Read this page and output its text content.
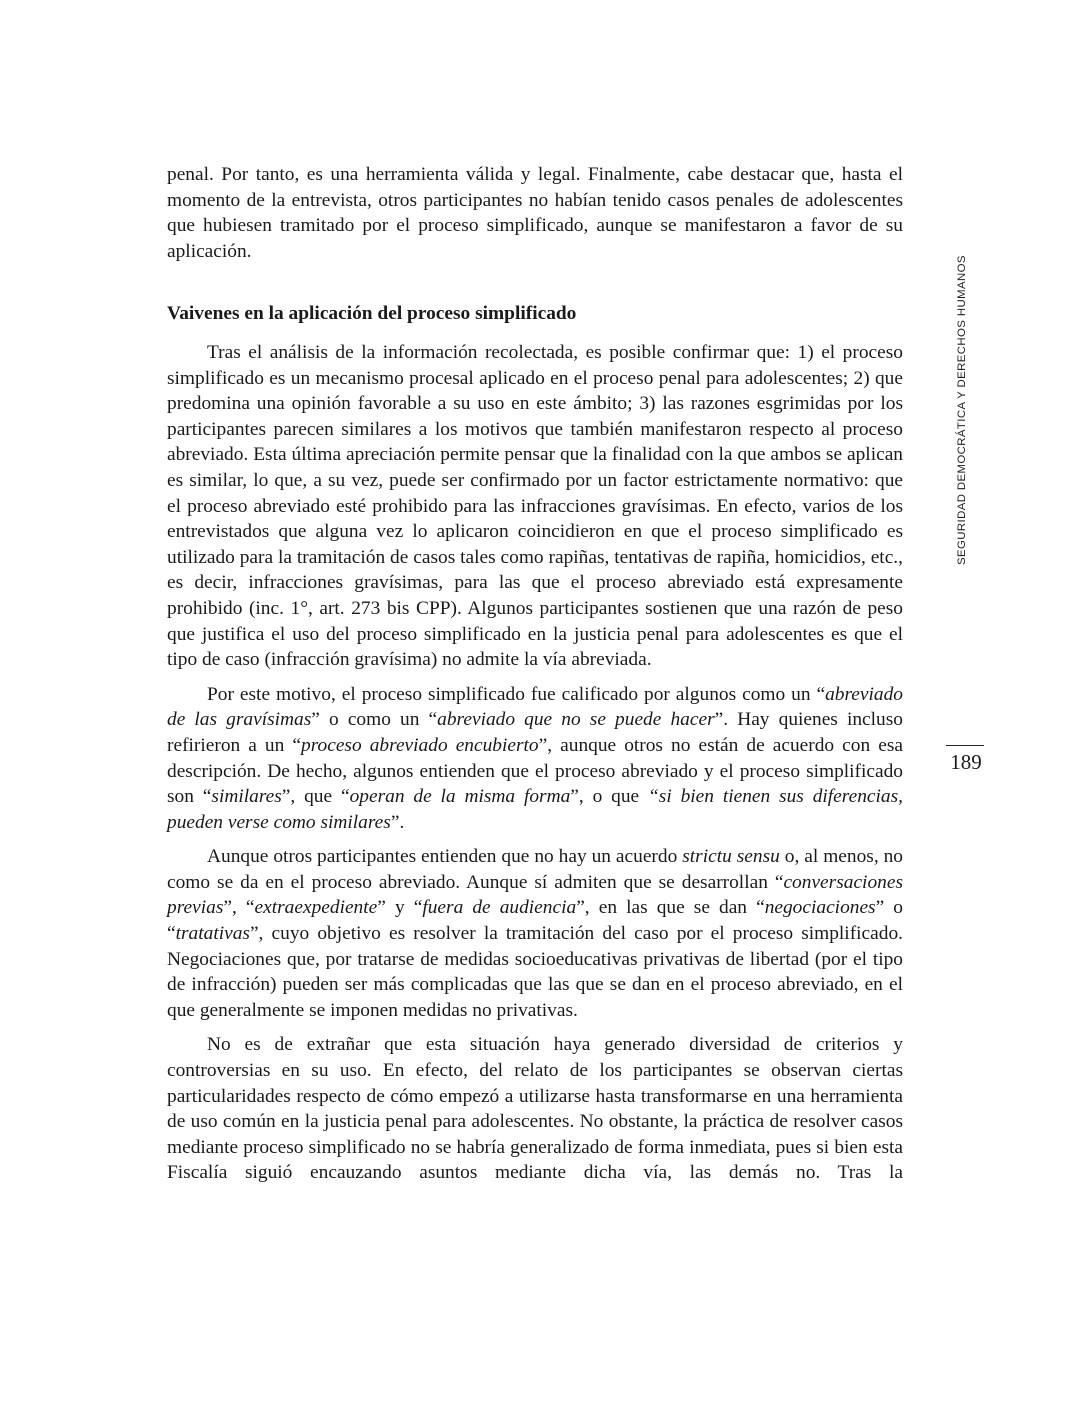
penal. Por tanto, es una herramienta válida y legal. Finalmente, cabe destacar que, hasta el momento de la entrevista, otros participantes no habían tenido casos penales de adolescentes que hubiesen tramitado por el proceso simplificado, aunque se manifestaron a favor de su aplicación.

Vaivenes en la aplicación del proceso simplificado

Tras el análisis de la información recolectada, es posible confirmar que: 1) el proceso simplificado es un mecanismo procesal aplicado en el proceso penal para adolescentes; 2) que predomina una opinión favorable a su uso en este ámbito; 3) las razones esgrimidas por los participantes parecen similares a los motivos que también manifestaron respecto al proceso abreviado. Esta última apreciación permite pensar que la finalidad con la que ambos se aplican es similar, lo que, a su vez, puede ser confirmado por un factor estrictamente normativo: que el proceso abreviado esté prohibido para las infracciones gravísimas. En efecto, varios de los entrevistados que alguna vez lo aplicaron coincidieron en que el proceso simplificado es utilizado para la tramitación de casos tales como rapiñas, tentativas de rapiña, homicidios, etc., es decir, infracciones gravísimas, para las que el proceso abreviado está expresamente prohibido (inc. 1°, art. 273 bis CPP). Algunos participantes sostienen que una razón de peso que justifica el uso del proceso simplificado en la justicia penal para adolescentes es que el tipo de caso (infracción gravísima) no admite la vía abreviada.

Por este motivo, el proceso simplificado fue calificado por algunos como un “abreviado de las gravísimas” o como un “abreviado que no se puede hacer”. Hay quienes incluso refirieron a un “proceso abreviado encubierto”, aunque otros no están de acuerdo con esa descripción. De hecho, algunos entienden que el proceso abreviado y el proceso simplificado son “similares”, que “operan de la misma forma”, o que “si bien tienen sus diferencias, pueden verse como similares”.

Aunque otros participantes entienden que no hay un acuerdo strictu sensu o, al menos, no como se da en el proceso abreviado. Aunque sí admiten que se desarrollan “conversaciones previas”, “extraexpediente” y “fuera de audiencia”, en las que se dan “negociaciones” o “tratativas”, cuyo objetivo es resolver la tramitación del caso por el proceso simplificado. Negociaciones que, por tratarse de medidas socioeducativas privativas de libertad (por el tipo de infracción) pueden ser más complicadas que las que se dan en el proceso abreviado, en el que generalmente se imponen medidas no privativas.

No es de extrañar que esta situación haya generado diversidad de criterios y controversias en su uso. En efecto, del relato de los participantes se observan ciertas particularidades respecto de cómo empezó a utilizarse hasta transformarse en una herramienta de uso común en la justicia penal para adolescentes. No obstante, la práctica de resolver casos mediante proceso simplificado no se habría generalizado de forma inmediata, pues si bien esta Fiscalía siguió encauzando asuntos mediante dicha vía, las demás no. Tras la

SEGURIDAD DEMOCRÁTICA Y DERECHOS HUMANOS
189
